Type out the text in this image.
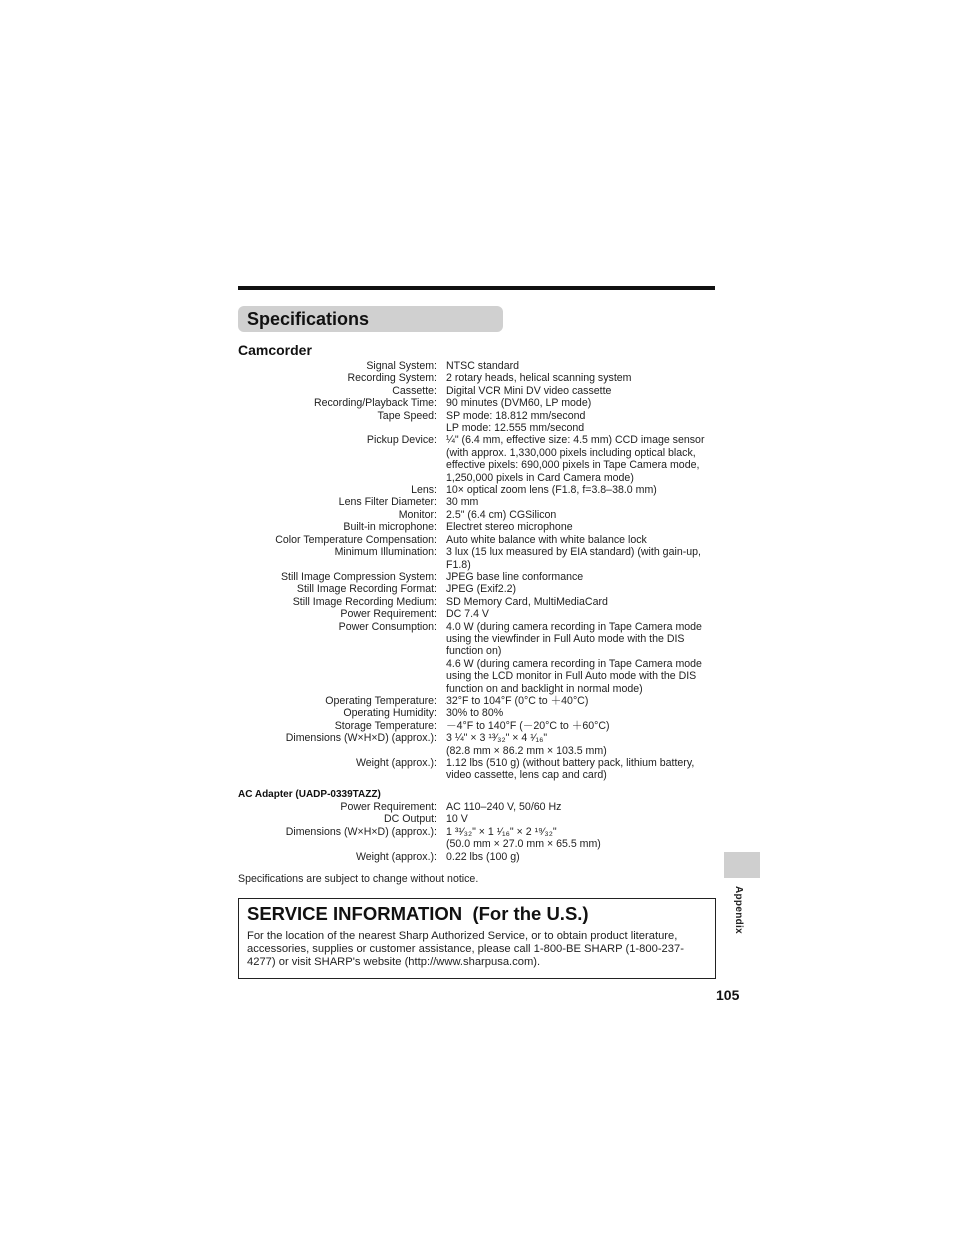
Specifications
Camcorder
Signal System: NTSC standard
Recording System: 2 rotary heads, helical scanning system
Cassette: Digital VCR Mini DV video cassette
Recording/Playback Time: 90 minutes (DVM60, LP mode)
Tape Speed: SP mode: 18.812 mm/second
LP mode: 12.555 mm/second
Pickup Device: ¼" (6.4 mm, effective size: 4.5 mm) CCD image sensor
(with approx. 1,330,000 pixels including optical black,
effective pixels: 690,000 pixels in Tape Camera mode,
1,250,000 pixels in Card Camera mode)
Lens: 10× optical zoom lens (F1.8, f=3.8–38.0 mm)
Lens Filter Diameter: 30 mm
Monitor: 2.5" (6.4 cm) CGSilicon
Built-in microphone: Electret stereo microphone
Color Temperature Compensation: Auto white balance with white balance lock
Minimum Illumination: 3 lux (15 lux measured by EIA standard) (with gain-up,
F1.8)
Still Image Compression System: JPEG base line conformance
Still Image Recording Format: JPEG (Exif2.2)
Still Image Recording Medium: SD Memory Card, MultiMediaCard
Power Requirement: DC 7.4 V
Power Consumption: 4.0 W (during camera recording in Tape Camera mode
using the viewfinder in Full Auto mode with the DIS
function on)
4.6 W (during camera recording in Tape Camera mode
using the LCD monitor in Full Auto mode with the DIS
function on and backlight in normal mode)
Operating Temperature: 32°F to 104°F (0°C to ＋40°C)
Operating Humidity: 30% to 80%
Storage Temperature: －4°F to 140°F (－20°C to ＋60°C)
Dimensions (W×H×D) (approx.): 3 ¼" × 3 ¹³⁄₃₂" × 4 ¹⁄₁₆"
(82.8 mm × 86.2 mm × 103.5 mm)
Weight (approx.): 1.12 lbs (510 g) (without battery pack, lithium battery,
video cassette, lens cap and card)
AC Adapter (UADP-0339TAZZ)
Power Requirement: AC 110–240 V, 50/60 Hz
DC Output: 10 V
Dimensions (W×H×D) (approx.): 1 ³¹⁄₃₂" × 1 ¹⁄₁₆" × 2 ¹⁹⁄₃₂"
(50.0 mm × 27.0 mm × 65.5 mm)
Weight (approx.): 0.22 lbs (100 g)
Specifications are subject to change without notice.
SERVICE INFORMATION (For the U.S.)
For the location of the nearest Sharp Authorized Service, or to obtain product literature, accessories, supplies or customer assistance, please call 1-800-BE SHARP (1-800-237-4277) or visit SHARP's website (http://www.sharpusa.com).
Appendix
105
